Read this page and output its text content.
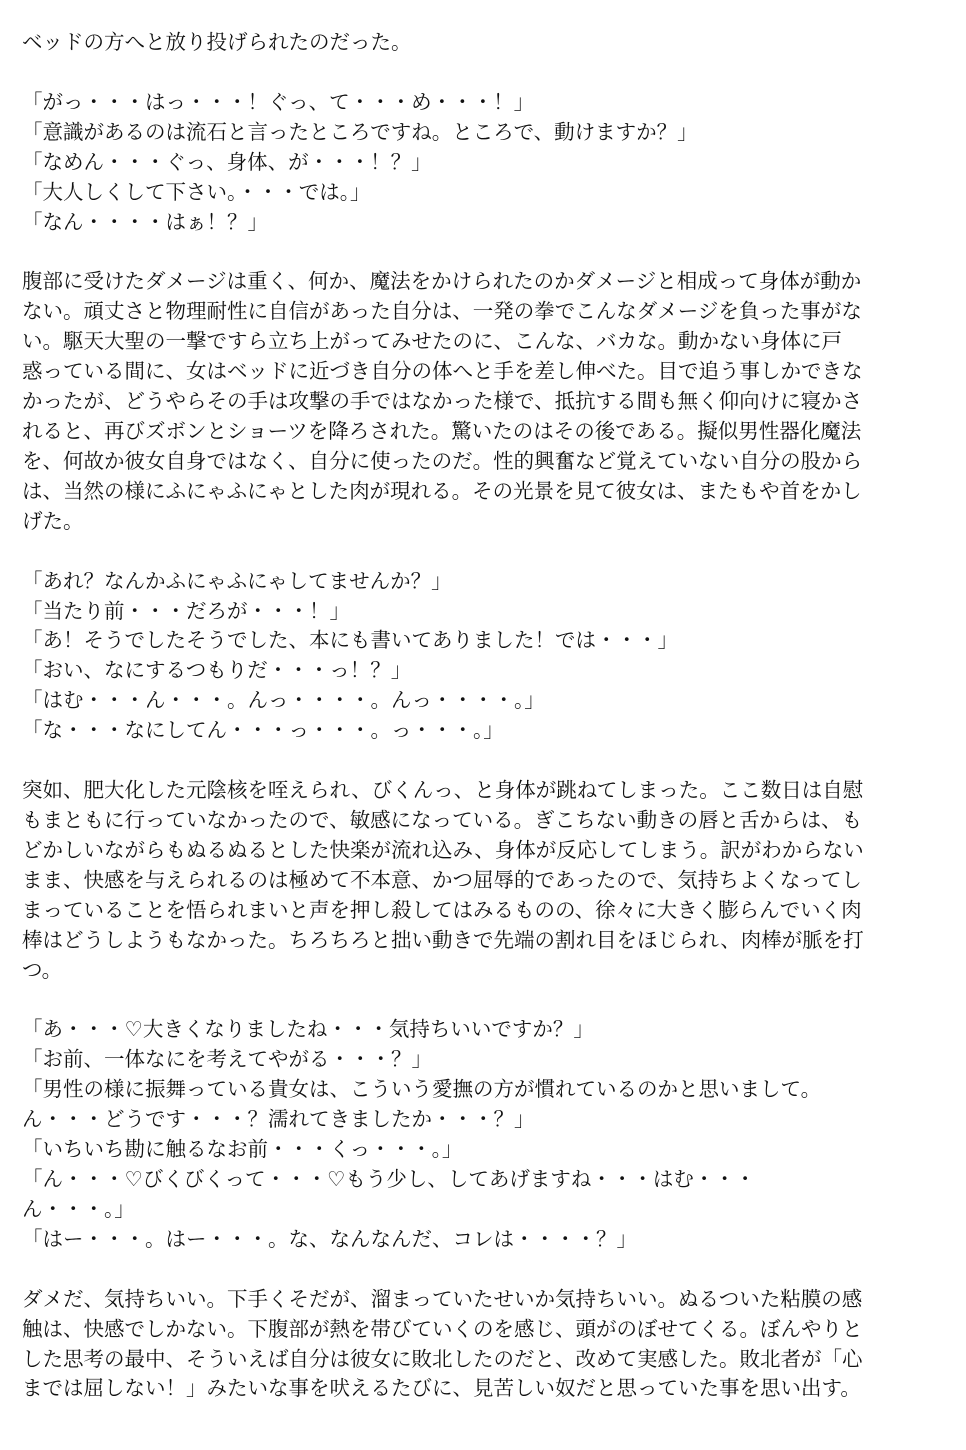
ベッドの方へと放り投げられたのだった。
「がっ・・・はっ・・・！ぐっ、て・・・め・・・！」
「意識があるのは流石と言ったところですね。ところで、動けますか？」
「なめん・・・ぐっ、身体、が・・・！？」
「大人しくして下さい。・・・では。」
「なん・・・・はぁ！？」
腹部に受けたダメージは重く、何か、魔法をかけられたのかダメージと相成って身体が動か
ない。頑丈さと物理耐性に自信があった自分は、一発の拳でこんなダメージを負った事がな
い。駆天大聖の一撃ですら立ち上がってみせたのに、こんな、バカな。動かない身体に戸
惑っている間に、女はベッドに近づき自分の体へと手を差し伸べた。目で追う事しかできな
かったが、どうやらその手は攻撃の手ではなかった様で、抵抗する間も無く仰向けに寝かさ
れると、再びズボンとショーツを降ろされた。驚いたのはその後である。擬似男性器化魔法
を、何故か彼女自身ではなく、自分に使ったのだ。性的興奮など覚えていない自分の股から
は、当然の様にふにゃふにゃとした肉が現れる。その光景を見て彼女は、またもや首をかし
げた。
「あれ？なんかふにゃふにゃしてませんか？」
「当たり前・・・だろが・・・！」
「あ！そうでしたそうでした、本にも書いてありました！では・・・」
「おい、なにするつもりだ・・・っ！？」
「はむ・・・ん・・・。んっ・・・・。んっ・・・・。」
「な・・・なにしてん・・・っ・・・。っ・・・。」
突如、肥大化した元陰核を咥えられ、びくんっ、と身体が跳ねてしまった。ここ数日は自慰
もまともに行っていなかったので、敏感になっている。ぎこちない動きの唇と舌からは、も
どかしいながらもぬるぬるとした快楽が流れ込み、身体が反応してしまう。訳がわからない
まま、快感を与えられるのは極めて不本意、かつ屈辱的であったので、気持ちよくなってし
まっていることを悟られまいと声を押し殺してはみるものの、徐々に大きく膨らんでいく肉
棒はどうしようもなかった。ちろちろと拙い動きで先端の割れ目をほじられ、肉棒が脈を打
つ。
「あ・・・♡大きくなりましたね・・・気持ちいいですか？」
「お前、一体なにを考えてやがる・・・？」
「男性の様に振舞っている貴女は、こういう愛撫の方が慣れているのかと思いまして。
ん・・・どうです・・・？濡れてきましたか・・・？」
「いちいち勘に触るなお前・・・くっ・・・。」
「ん・・・♡びくびくって・・・♡もう少し、してあげますね・・・はむ・・・
ん・・・。」
「はー・・・。はー・・・。な、なんなんだ、コレは・・・・？」
ダメだ、気持ちいい。下手くそだが、溜まっていたせいか気持ちいい。ぬるついた粘膜の感
触は、快感でしかない。下腹部が熱を帯びていくのを感じ、頭がのぼせてくる。ぼんやりと
した思考の最中、そういえば自分は彼女に敗北したのだと、改めて実感した。敗北者が「心
までは屈しない！」みたいな事を吠えるたびに、見苦しい奴だと思っていた事を思い出す。
